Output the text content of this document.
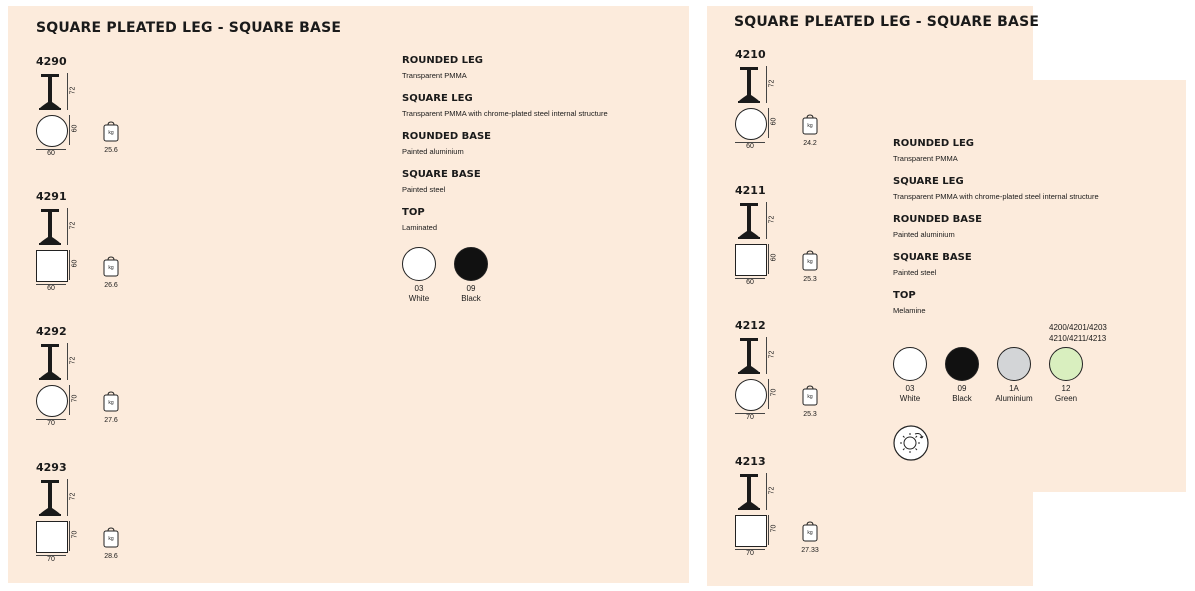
SQUARE PLEATED LEG - SQUARE BASE	SQUARE PLEATED LEG - SQUARE BASE
4290
72
60
60
kg
25.6
4291
72
60
60
kg
26.6
4292
72
70
70
kg
27.6
4293
72
70
70
kg
28.6
4210
72
60
60
kg
24.2
4211
72
60
60
kg
25.3
4212
72
70
70
kg
25.3
4213
72
70
70
kg
27.33
ROUNDED LEG
Transparent PMMA
SQUARE LEG
Transparent PMMA with chrome-plated steel internal structure
ROUNDED BASE
Painted aluminium
SQUARE BASE
Painted steel
TOP
Laminated
03
White
09
Black
ROUNDED LEG
Transparent PMMA
SQUARE LEG
Transparent PMMA with chrome-plated steel internal structure
ROUNDED BASE
Painted aluminium
SQUARE BASE
Painted steel
TOP
Melamine
4200/4201/4203
4210/4211/4213
03
White
09
Black
1A
Aluminium
12
Green
